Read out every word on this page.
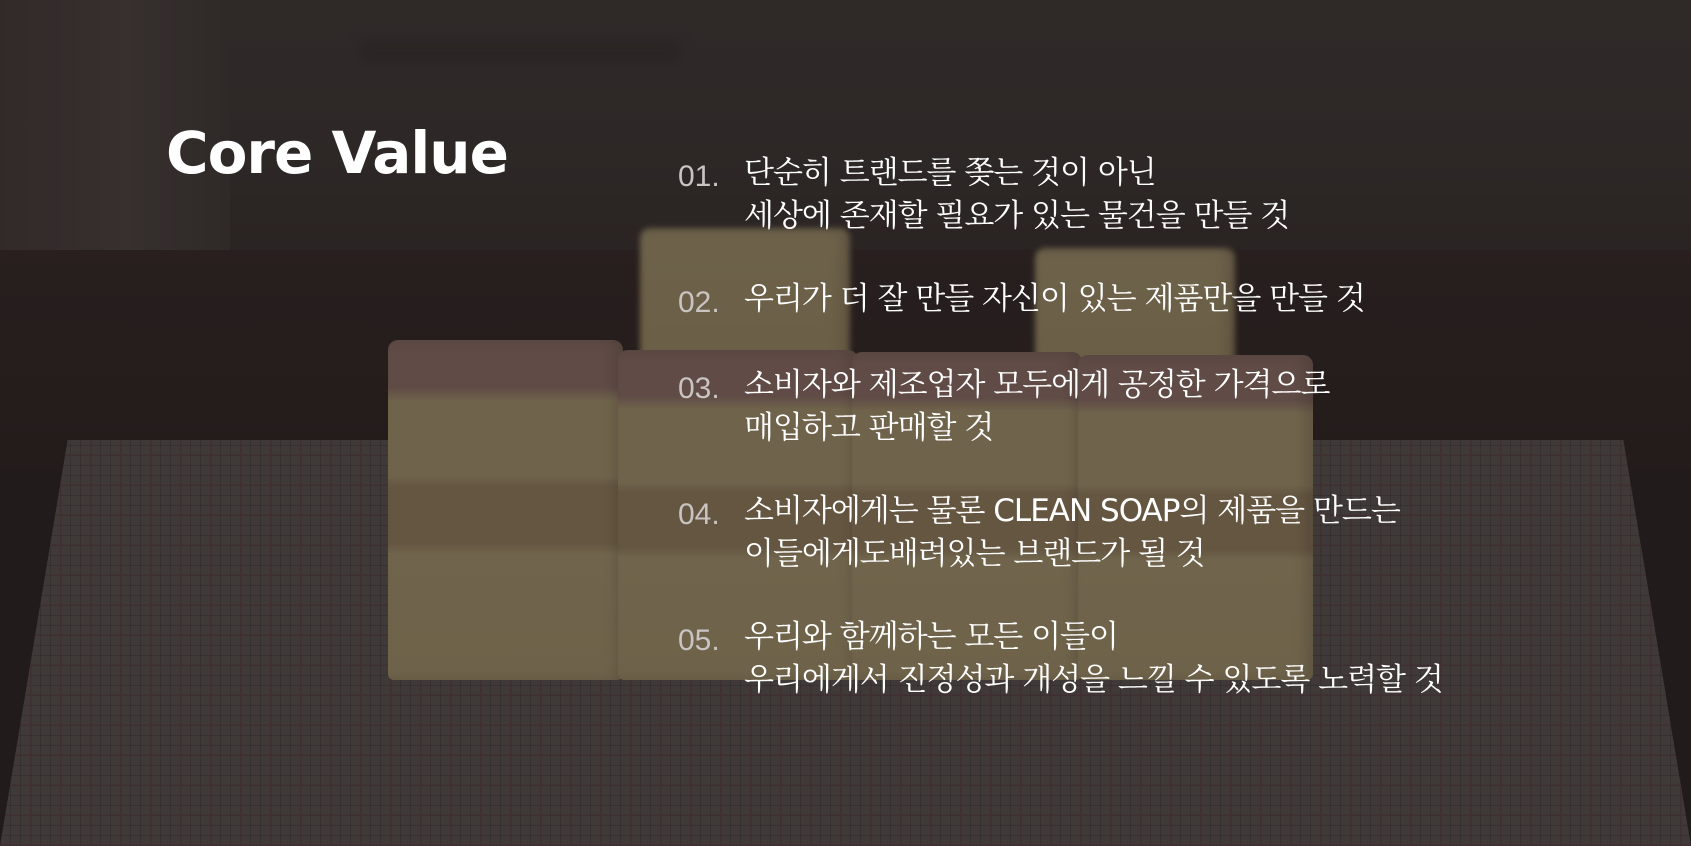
Core Value	01. 단순히 트랜드를 쫒는 것이 아닌
세상에 존재할 필요가 있는 물건을 만들 것
02. 우리가 더 잘 만들 자신이 있는 제품만을 만들 것
03. 소비자와 제조업자 모두에게 공정한 가격으로
매입하고 판매할 것
04. 소비자에게는 물론 CLEAN SOAP의 제품을 만드는
이들에게도배려있는 브랜드가 될 것
05. 우리와 함께하는 모든 이들이
우리에게서 진정성과 개성을 느낄 수 있도록 노력할 것
